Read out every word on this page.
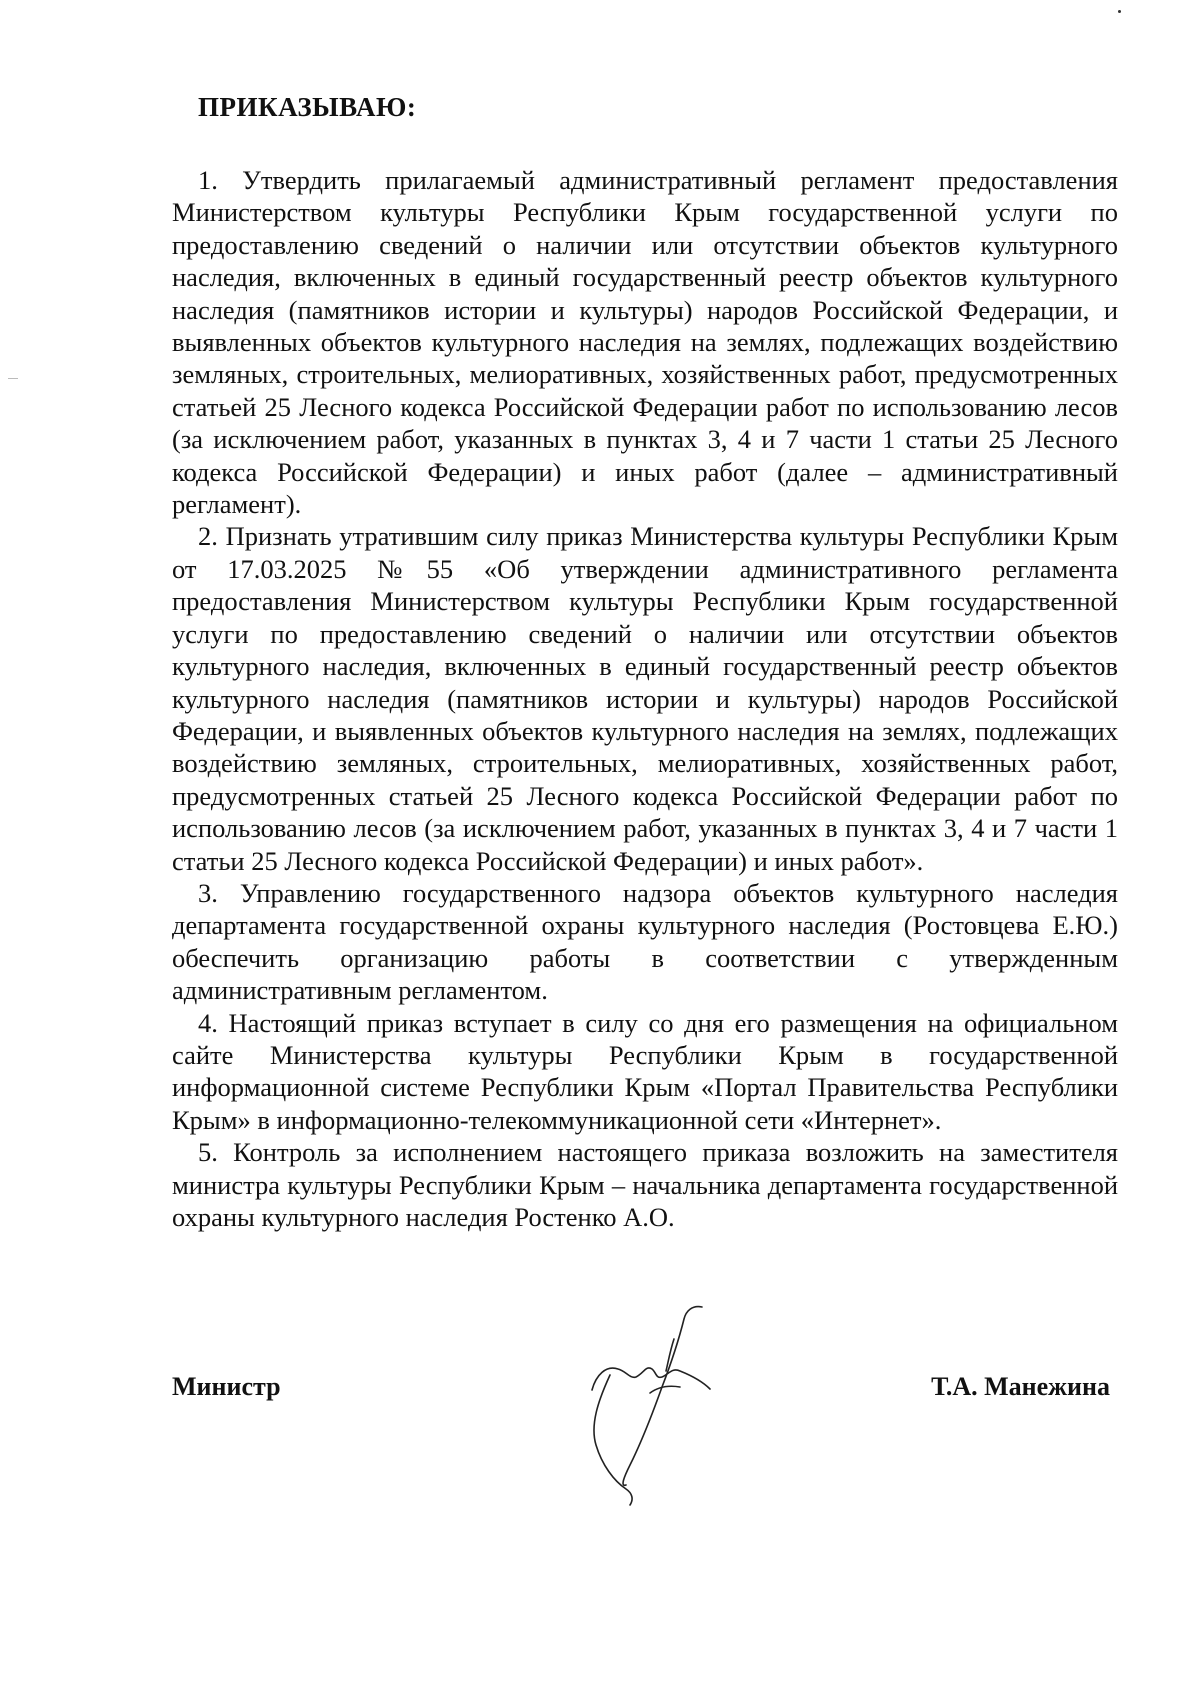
ПРИКАЗЫВАЮ:

1. Утвердить прилагаемый административный регламент предоставления Министерством культуры Республики Крым государственной услуги по предоставлению сведений о наличии или отсутствии объектов культурного наследия, включенных в единый государственный реестр объектов культурного наследия (памятников истории и культуры) народов Российской Федерации, и выявленных объектов культурного наследия на землях, подлежащих воздействию земляных, строительных, мелиоративных, хозяйственных работ, предусмотренных статьей 25 Лесного кодекса Российской Федерации работ по использованию лесов (за исключением работ, указанных в пунктах 3, 4 и 7 части 1 статьи 25 Лесного кодекса Российской Федерации) и иных работ (далее – административный регламент).

2. Признать утратившим силу приказ Министерства культуры Республики Крым от 17.03.2025 №55 «Об утверждении административного регламента предоставления Министерством культуры Республики Крым государственной услуги по предоставлению сведений о наличии или отсутствии объектов культурного наследия, включенных в единый государственный реестр объектов культурного наследия (памятников истории и культуры) народов Российской Федерации, и выявленных объектов культурного наследия на землях, подлежащих воздействию земляных, строительных, мелиоративных, хозяйственных работ, предусмотренных статьей 25 Лесного кодекса Российской Федерации работ по использованию лесов (за исключением работ, указанных в пунктах 3, 4 и 7 части 1 статьи 25 Лесного кодекса Российской Федерации) и иных работ».

3. Управлению государственного надзора объектов культурного наследия департамента государственной охраны культурного наследия (Ростовцева Е.Ю.) обеспечить организацию работы в соответствии с утвержденным административным регламентом.

4. Настоящий приказ вступает в силу со дня его размещения на официальном сайте Министерства культуры Республики Крым в государственной информационной системе Республики Крым «Портал Правительства Республики Крым» в информационно-телекоммуникационной сети «Интернет».

5. Контроль за исполнением настоящего приказа возложить на заместителя министра культуры Республики Крым – начальника департамента государственной охраны культурного наследия Ростенко А.О.

Министр	Т.А. Манежина
